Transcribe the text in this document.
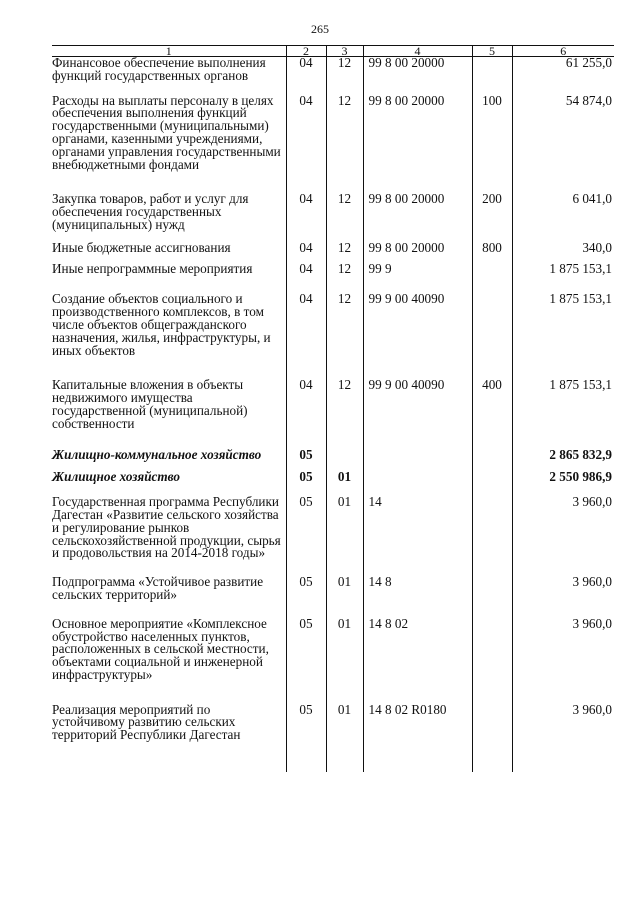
265
1	2	3	4	5	6
Финансовое обеспечение выполнения функций государственных органов	04	12	99 8 00 20000		61 255,0
Расходы на выплаты персоналу в целях обеспечения выполнения функций государственными (муниципальными) органами, казенными учреждениями, органами управления государственными внебюджетными фондами	04	12	99 8 00 20000	100	54 874,0
Закупка товаров, работ и услуг для обеспечения государственных (муниципальных) нужд	04	12	99 8 00 20000	200	6 041,0
Иные бюджетные ассигнования	04	12	99 8 00 20000	800	340,0
Иные непрограммные мероприятия	04	12	99 9		1 875 153,1
Создание объектов социального и производственного комплексов, в том числе объектов общегражданского назначения, жилья, инфраструктуры, и иных объектов	04	12	99 9 00 40090		1 875 153,1
Капитальные вложения в объекты недвижимого имущества государственной (муниципальной) собственности	04	12	99 9 00 40090	400	1 875 153,1
Жилищно-коммунальное хозяйство	05				2 865 832,9
Жилищное хозяйство	05	01			2 550 986,9
Государственная программа Республики Дагестан «Развитие сельского хозяйства и регулирование рынков сельскохозяйственной продукции, сырья и продовольствия на 2014-2018 годы»	05	01	14		3 960,0
Подпрограмма «Устойчивое развитие сельских территорий»	05	01	14 8		3 960,0
Основное мероприятие «Комплексное обустройство населенных пунктов, расположенных в сельской местности, объектами социальной и инженерной инфраструктуры»	05	01	14 8 02		3 960,0
Реализация мероприятий по устойчивому развитию сельских территорий Республики Дагестан	05	01	14 8 02 R0180		3 960,0
